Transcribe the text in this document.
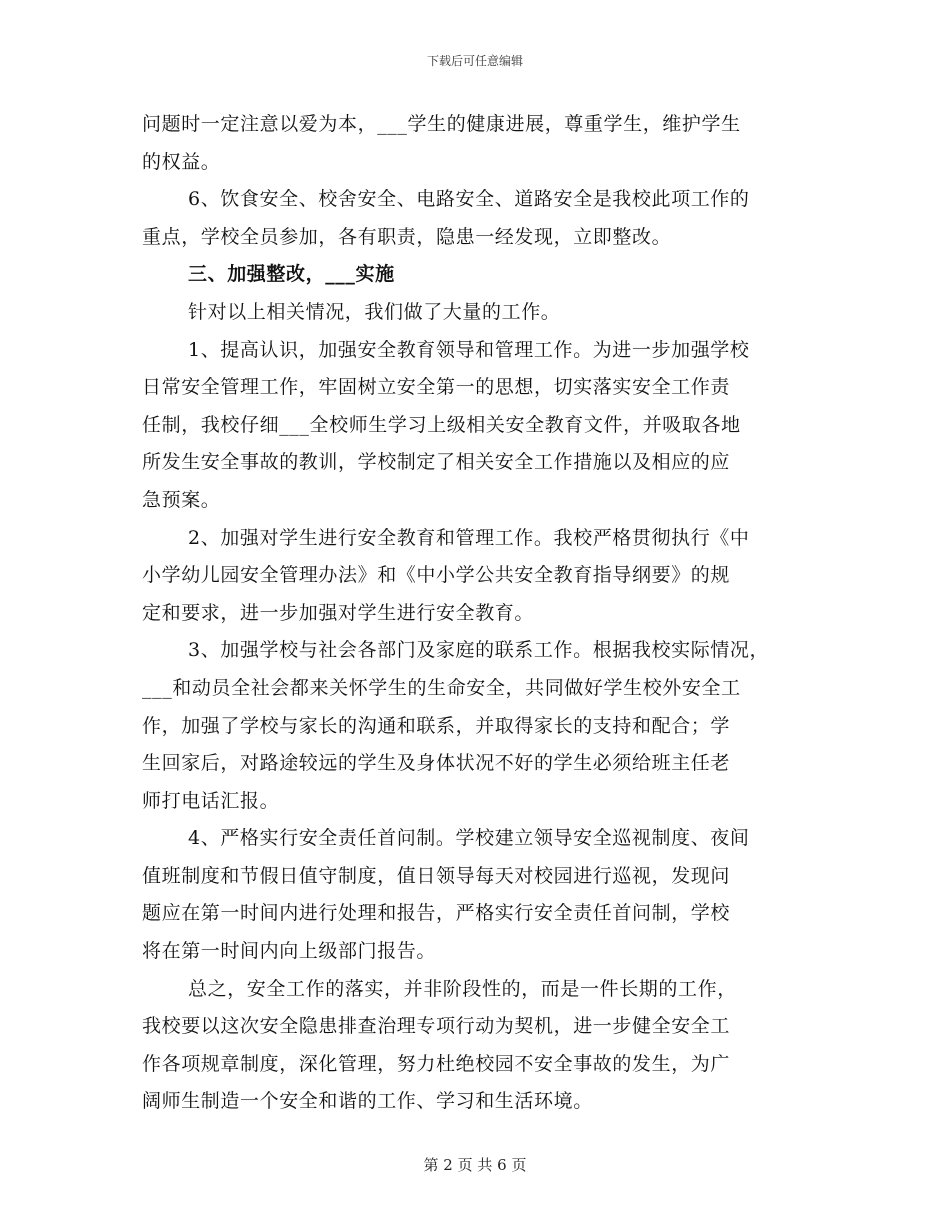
下载后可任意编辑
问题时一定注意以爱为本，___学生的健康进展，尊重学生，维护学生
的权益。
6、饮食安全、校舍安全、电路安全、道路安全是我校此项工作的
重点，学校全员参加，各有职责，隐患一经发现，立即整改。
三、加强整改，___实施
针对以上相关情况，我们做了大量的工作。
1、提高认识，加强安全教育领导和管理工作。为进一步加强学校
日常安全管理工作，牢固树立安全第一的思想，切实落实安全工作责
任制，我校仔细___全校师生学习上级相关安全教育文件，并吸取各地
所发生安全事故的教训，学校制定了相关安全工作措施以及相应的应
急预案。
2、加强对学生进行安全教育和管理工作。我校严格贯彻执行《中
小学幼儿园安全管理办法》和《中小学公共安全教育指导纲要》的规
定和要求，进一步加强对学生进行安全教育。
3、加强学校与社会各部门及家庭的联系工作。根据我校实际情况，
___和动员全社会都来关怀学生的生命安全，共同做好学生校外安全工
作，加强了学校与家长的沟通和联系，并取得家长的支持和配合；学
生回家后，对路途较远的学生及身体状况不好的学生必须给班主任老
师打电话汇报。
4、严格实行安全责任首问制。学校建立领导安全巡视制度、夜间
值班制度和节假日值守制度，值日领导每天对校园进行巡视，发现问
题应在第一时间内进行处理和报告，严格实行安全责任首问制，学校
将在第一时间内向上级部门报告。
总之，安全工作的落实，并非阶段性的，而是一件长期的工作，
我校要以这次安全隐患排查治理专项行动为契机，进一步健全安全工
作各项规章制度，深化管理，努力杜绝校园不安全事故的发生，为广
阔师生制造一个安全和谐的工作、学习和生活环境。
第 2 页 共 6 页
